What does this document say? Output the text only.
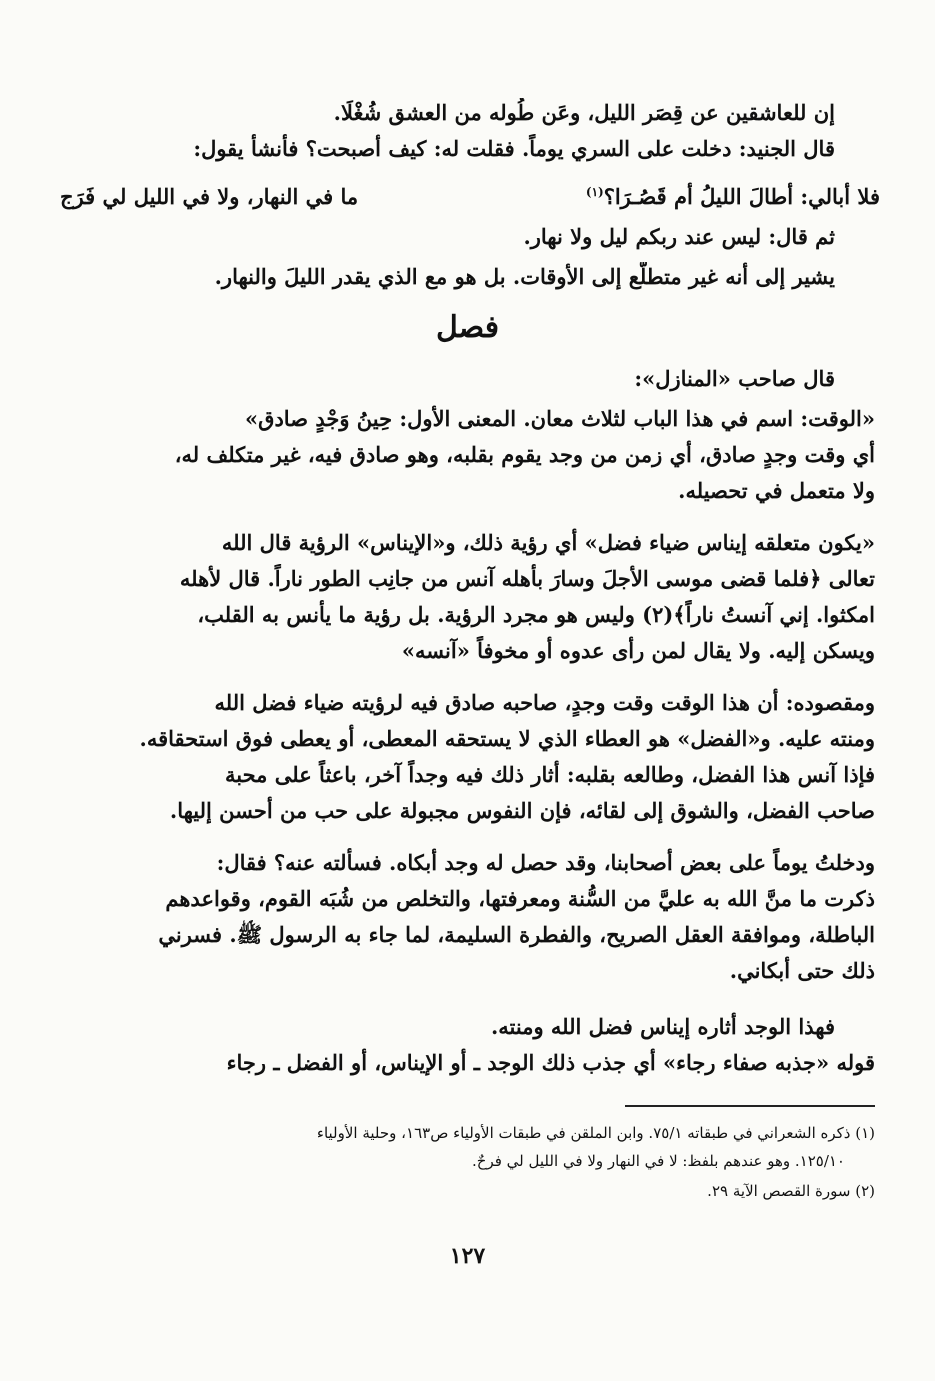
إن للعاشقين عن قِصَر الليل، وعَن طُوله من العشق شُغْلَا.
قال الجنيد: دخلت على السري يوماً. فقلت له: كيف أصبحت؟ فأنشأ يقول:
فلا أبالي: أطالَ الليلُ أم قَصُـرَا؟$^{(١)}$
ما في النهار، ولا في الليل لي فَرَج
ثم قال: ليس عند ربكم ليل ولا نهار.
يشير إلى أنه غير متطلّع إلى الأوقات. بل هو مع الذي يقدر الليلَ والنهار.
فصل
قال صاحب «المنازل»:
«الوقت: اسم في هذا الباب لثلاث معان. المعنى الأول: حِينُ وَجْدٍ صادق»
أي وقت وجدٍ صادق، أي زمن من وجد يقوم بقلبه، وهو صادق فيه، غير متكلف له،
ولا متعمل في تحصيله.
«يكون متعلقه إيناس ضياء فضل» أي رؤية ذلك، و«الإيناس» الرؤية قال الله
تعالى ﴿فلما قضى موسى الأجلَ وسارَ بأهله آنس من جانِب الطور ناراً. قال لأهله
امكثوا. إني آنستُ ناراً﴾(٢) وليس هو مجرد الرؤية. بل رؤية ما يأنس به القلب،
ويسكن إليه. ولا يقال لمن رأى عدوه أو مخوفاً «آنسه»
ومقصوده: أن هذا الوقت وقت وجدٍ، صاحبه صادق فيه لرؤيته ضياء فضل الله
ومنته عليه. و«الفضل» هو العطاء الذي لا يستحقه المعطى، أو يعطى فوق استحقاقه.
فإذا آنس هذا الفضل، وطالعه بقلبه: أثار ذلك فيه وجداً آخر، باعثاً على محبة
صاحب الفضل، والشوق إلى لقائه، فإن النفوس مجبولة على حب من أحسن إليها.
ودخلتُ يوماً على بعض أصحابنا، وقد حصل له وجد أبكاه. فسألته عنه؟ فقال:
ذكرت ما منَّ الله به عليَّ من السُّنة ومعرفتها، والتخلص من شُبَه القوم، وقواعدهم
الباطلة، وموافقة العقل الصريح، والفطرة السليمة، لما جاء به الرسول ﷺ. فسرني
ذلك حتى أبكاني.
فهذا الوجد أثاره إيناس فضل الله ومنته.
قوله «جذبه صفاء رجاء» أي جذب ذلك الوجد ـ أو الإيناس، أو الفضل ـ رجاء
(١) ذكره الشعراني في طبقاته ٧٥/١. وابن الملقن في طبقات الأولياء ص١٦٣، وحلية الأولياء
١٢٥/١٠. وهو عندهم بلفظ: لا في النهار ولا في الليل لي فرحٌ.
(٢) سورة القصص الآية ٢٩.
١٢٧
